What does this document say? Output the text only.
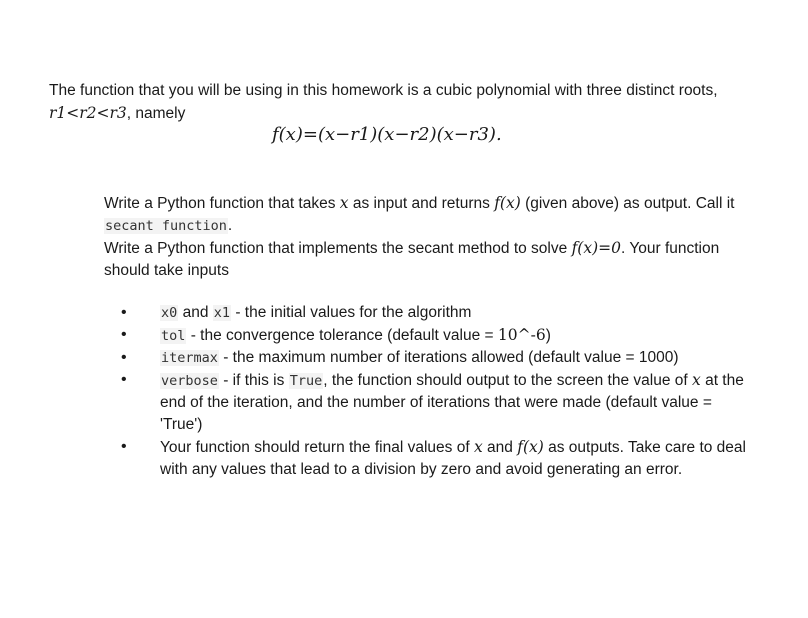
The function that you will be using in this homework is a cubic polynomial with three distinct roots, r1<r2<r3, namely
f(x)=(x−r1)(x−r2)(x−r3).

Write a Python function that takes x as input and returns f(x) (given above) as output. Call it secant function.

Write a Python function that implements the secant method to solve f(x)=0. Your function should take inputs

• x0 and x1 - the initial values for the algorithm
• tol - the convergence tolerance (default value = 10^-6)
• itermax - the maximum number of iterations allowed (default value = 1000)
• verbose - if this is True, the function should output to the screen the value of x at the end of the iteration, and the number of iterations that were made (default value = 'True')
• Your function should return the final values of x and f(x) as outputs. Take care to deal with any values that lead to a division by zero and avoid generating an error.
